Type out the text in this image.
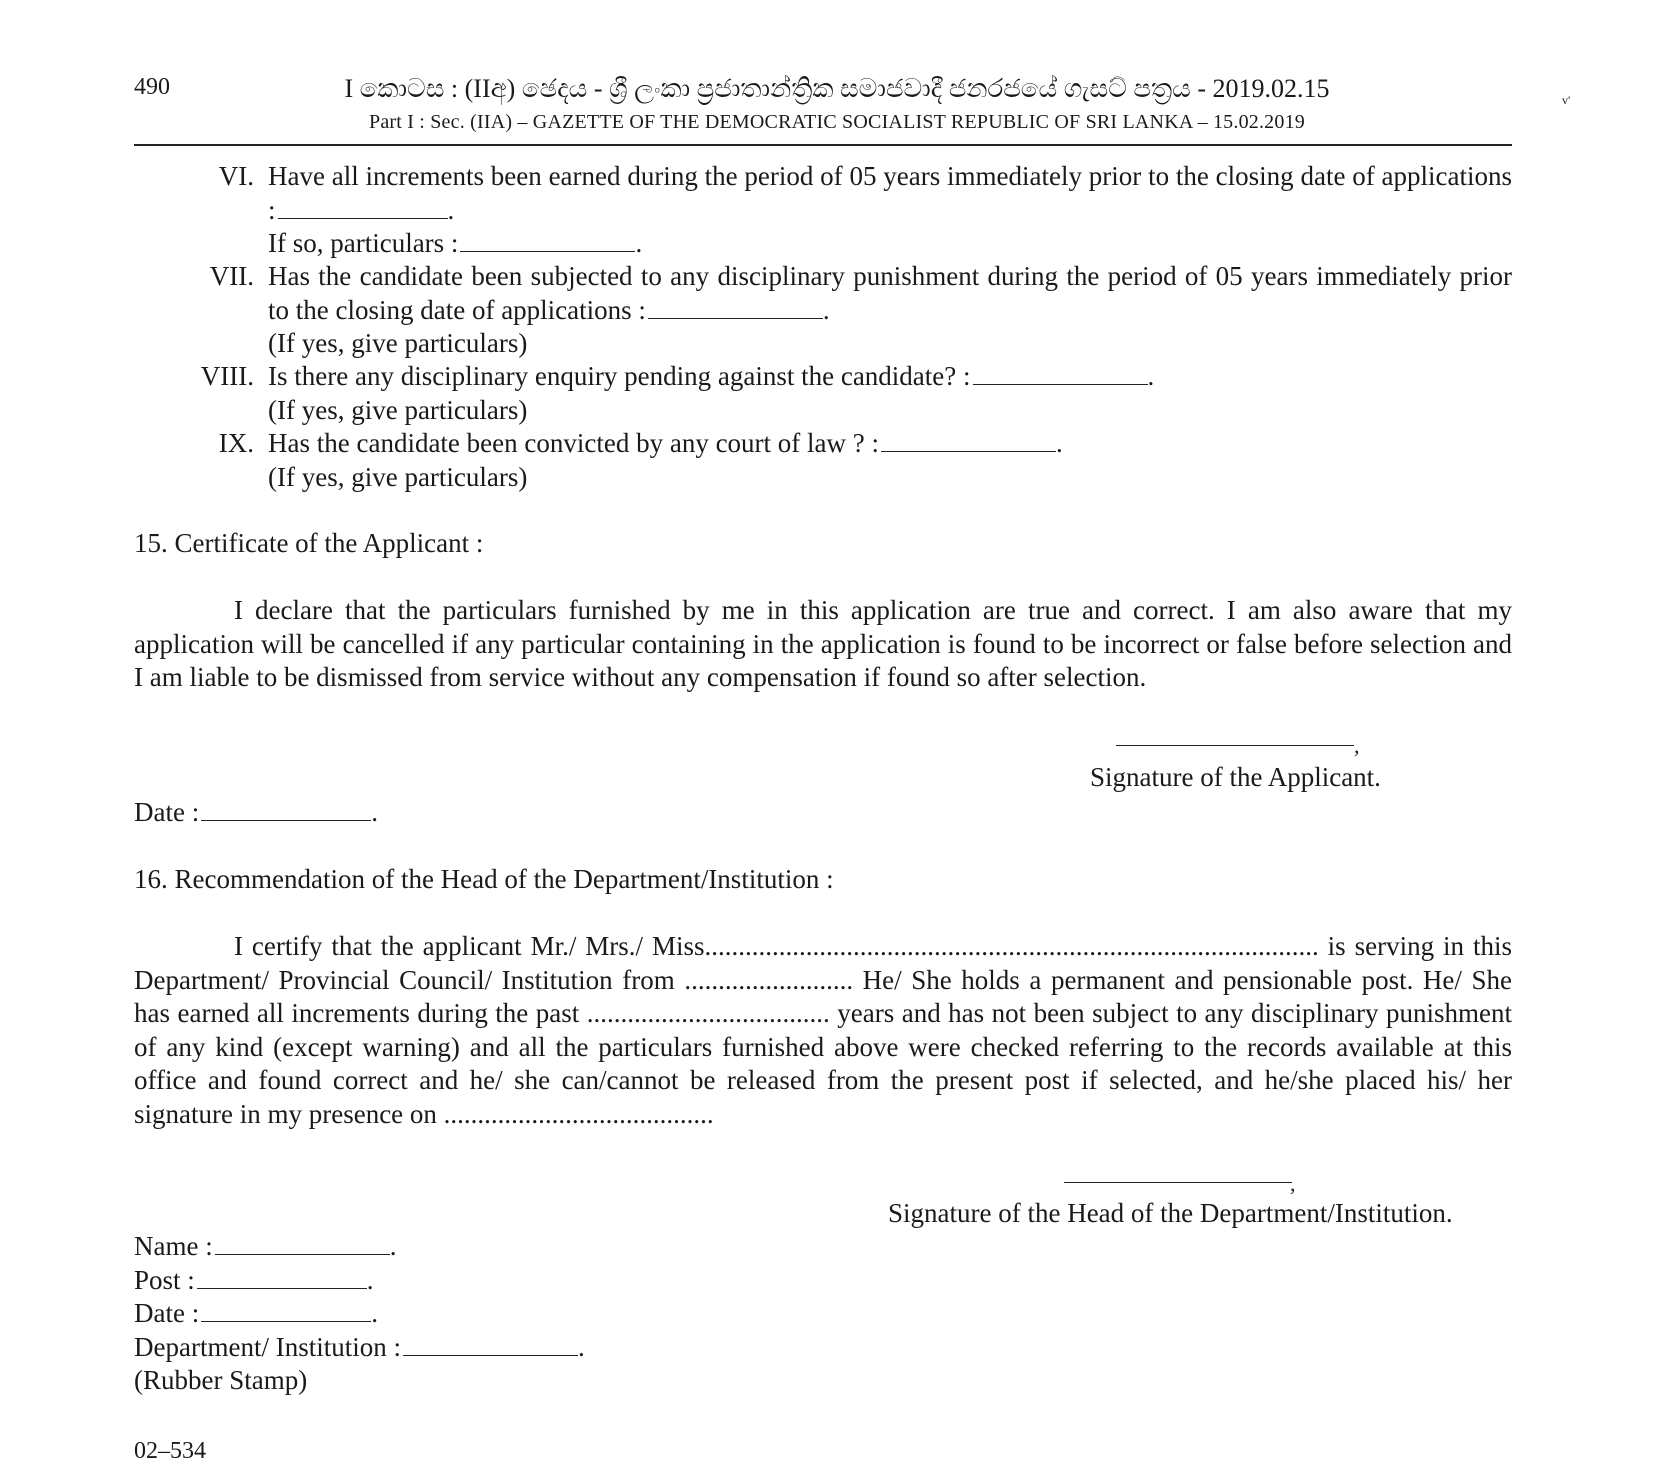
490	I කොටස : (IIඅ) ඡෙදය - ශ්‍රී ලංකා ප්‍රජාතාන්ත්‍රික සමාජවාදී ජනරජයේ ගැසට් පත්‍රය - 2019.02.15	v'
Part I : Sec. (IIA) – GAZETTE OF THE DEMOCRATIC SOCIALIST REPUBLIC OF SRI LANKA – 15.02.2019
VI. Have all increments been earned during the period of 05 years immediately prior to the closing date of applications
:	.
If so, particulars :	.
VII. Has the candidate been subjected to any disciplinary punishment during the period of 05 years immediately prior
to the closing date of applications :	.
(If yes, give particulars)
VIII. Is there any disciplinary enquiry pending against the candidate? :	.
(If yes, give particulars)
IX. Has the candidate been convicted by any court of law ? :	.
(If yes, give particulars)
15. Certificate of the Applicant :

I declare that the particulars furnished by me in this application are true and correct. I am also aware that my application will be cancelled if any particular containing in the application is found to be incorrect or false before selection and I am liable to be dismissed from service without any compensation if found so after selection.

,
Signature of the Applicant.
Date :	.
16. Recommendation of the Head of the Department/Institution :

I certify that the applicant Mr./ Mrs./ Miss........................................................................................... is serving in this Department/ Provincial Council/ Institution from ......................... He/ She holds a permanent and pensionable post. He/ She has earned all increments during the past .................................... years and has not been subject to any disciplinary punishment of any kind (except warning) and all the particulars furnished above were checked referring to the records available at this office and found correct and he/ she can/cannot be released from the present post if selected, and he/she placed his/ her signature in my presence on ........................................

,
Signature of the Head of the Department/Institution.
Name :	.
Post :	.
Date :	.
Department/ Institution :	.
(Rubber Stamp)
02–534
